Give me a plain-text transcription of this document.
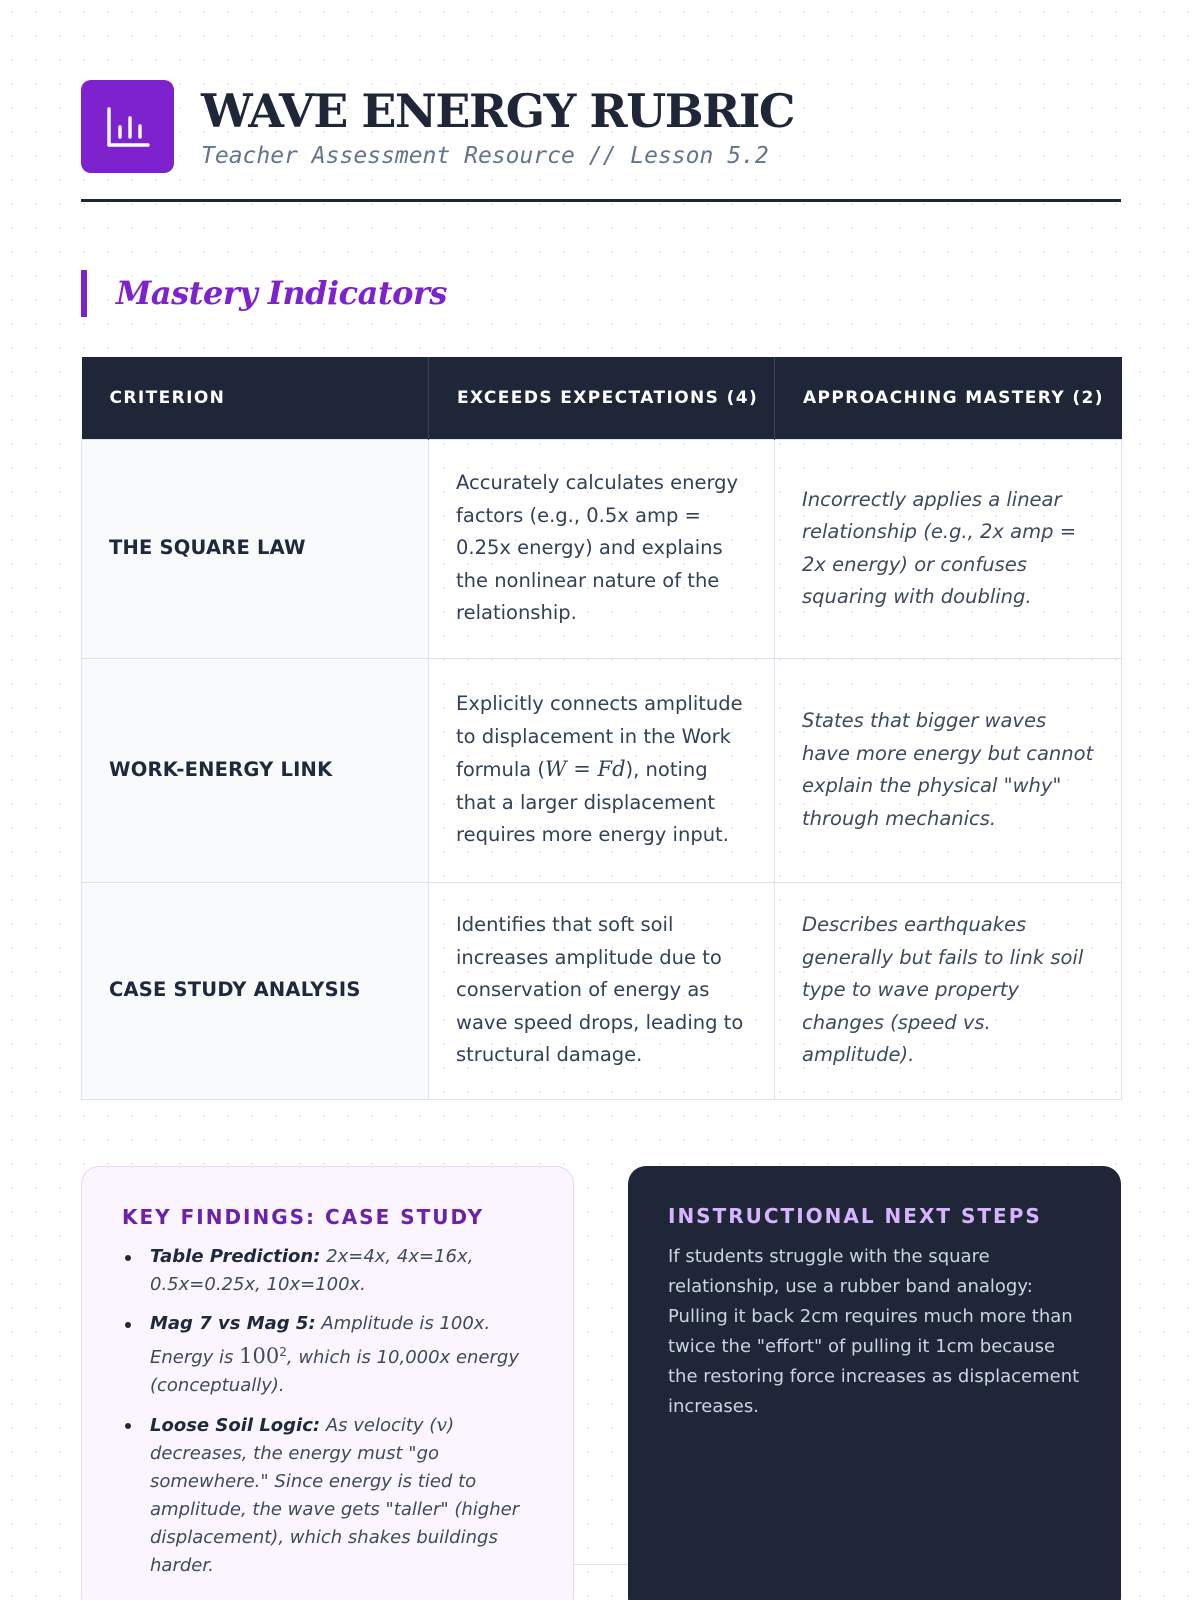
WAVE ENERGY RUBRIC
Teacher Assessment Resource // Lesson 5.2
Mastery Indicators
CRITERION	EXCEEDS EXPECTATIONS (4)	APPROACHING MASTERY (2)
THE SQUARE LAW	Accurately calculates energy factors (e.g., 0.5x amp = 0.25x energy) and explains the nonlinear nature of the relationship.	Incorrectly applies a linear relationship (e.g., 2x amp = 2x energy) or confuses squaring with doubling.
WORK-ENERGY LINK	Explicitly connects amplitude to displacement in the Work formula (W = Fd), noting that a larger displacement requires more energy input.	States that bigger waves have more energy but cannot explain the physical "why" through mechanics.
CASE STUDY ANALYSIS	Identifies that soft soil increases amplitude due to conservation of energy as wave speed drops, leading to structural damage.	Describes earthquakes generally but fails to link soil type to wave property changes (speed vs. amplitude).
KEY FINDINGS: CASE STUDY
Table Prediction: 2x=4x, 4x=16x, 0.5x=0.25x, 10x=100x.
Mag 7 vs Mag 5: Amplitude is 100x. Energy is $100^2$, which is 10,000x energy (conceptually).
Loose Soil Logic: As velocity (v) decreases, the energy must "go somewhere." Since energy is tied to amplitude, the wave gets "taller" (higher displacement), which shakes buildings harder.
INSTRUCTIONAL NEXT STEPS

If students struggle with the square relationship, use a rubber band analogy: Pulling it back 2cm requires much more than twice the "effort" of pulling it 1cm because the restoring force increases as displacement increases.
